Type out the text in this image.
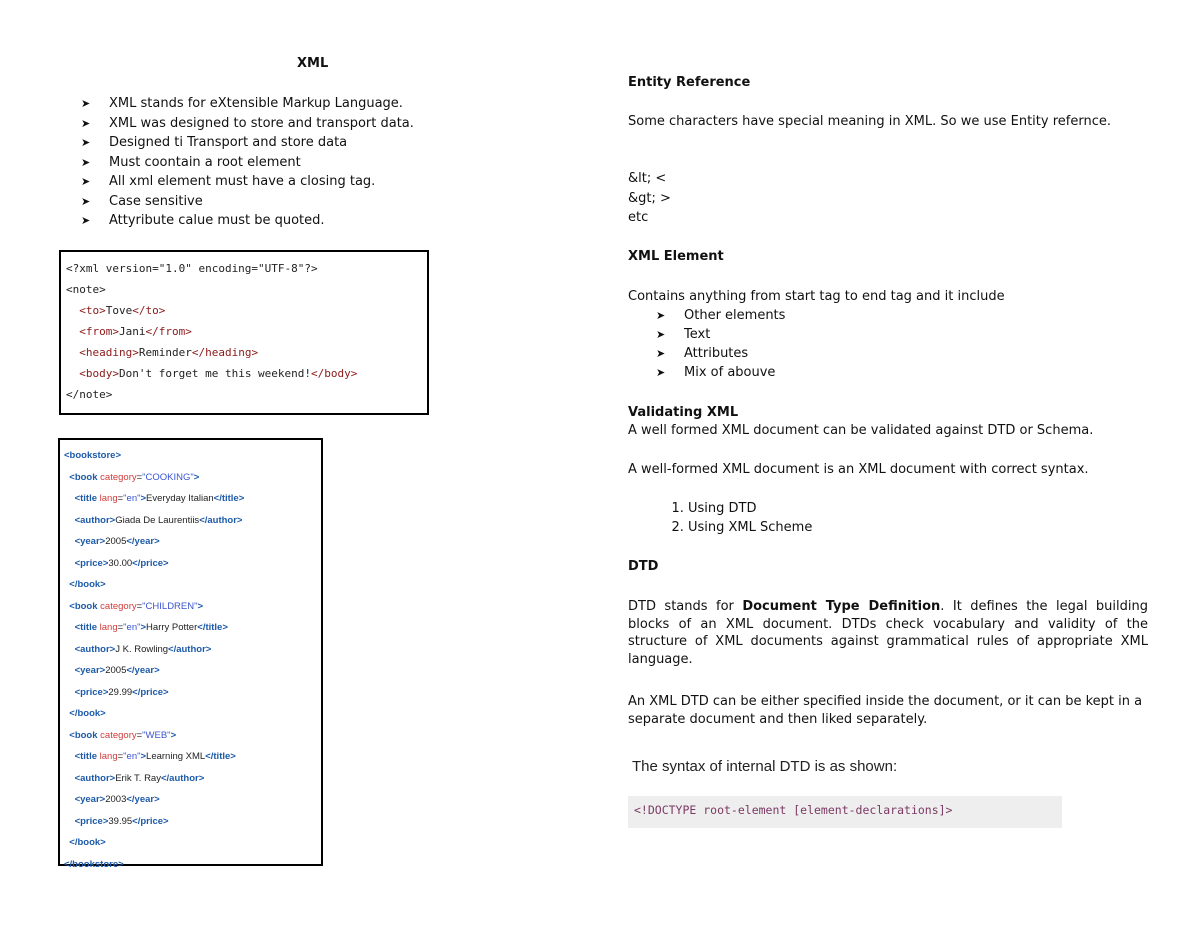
XML
➤ XML stands for eXtensible Markup Language.
➤ XML was designed to store and transport data.
➤ Designed ti Transport and store data
➤ Must coontain a root element
➤ All xml element must have a closing tag.
➤ Case sensitive
➤ Attyribute calue must be quoted.
<?xml version="1.0" encoding="UTF-8"?>
<note>
<to>Tove</to>
<from>Jani</from>
<heading>Reminder</heading>
<body>Don't forget me this weekend!</body>
</note>
<bookstore>
<book category="COOKING">
<title lang="en">Everyday Italian</title>
<author>Giada De Laurentiis</author>
<year>2005</year>
<price>30.00</price>
</book>
<book category="CHILDREN">
<title lang="en">Harry Potter</title>
<author>J K. Rowling</author>
<year>2005</year>
<price>29.99</price>
</book>
<book category="WEB">
<title lang="en">Learning XML</title>
<author>Erik T. Ray</author>
<year>2003</year>
<price>39.95</price>
</book>
</bookstore>
Entity Reference
Some characters have special meaning in XML. So we use Entity refernce.
&lt; <
&gt; >
etc
XML Element
Contains anything from start tag to end tag and it include
➤ Other elements
➤ Text
➤ Attributes
➤ Mix of abouve
Validating XML
A well formed XML document can be validated against DTD or Schema.
A well-formed XML document is an XML document with correct syntax.
1. Using DTD
2. Using XML Scheme
DTD
DTD stands for Document Type Definition. It defines the legal building blocks of an XML document. DTDs check vocabulary and validity of the structure of XML documents against grammatical rules of appropriate XML language.
An XML DTD can be either specified inside the document, or it can be kept in a separate document and then liked separately.
The syntax of internal DTD is as shown:
<!DOCTYPE root-element [element-declarations]>
